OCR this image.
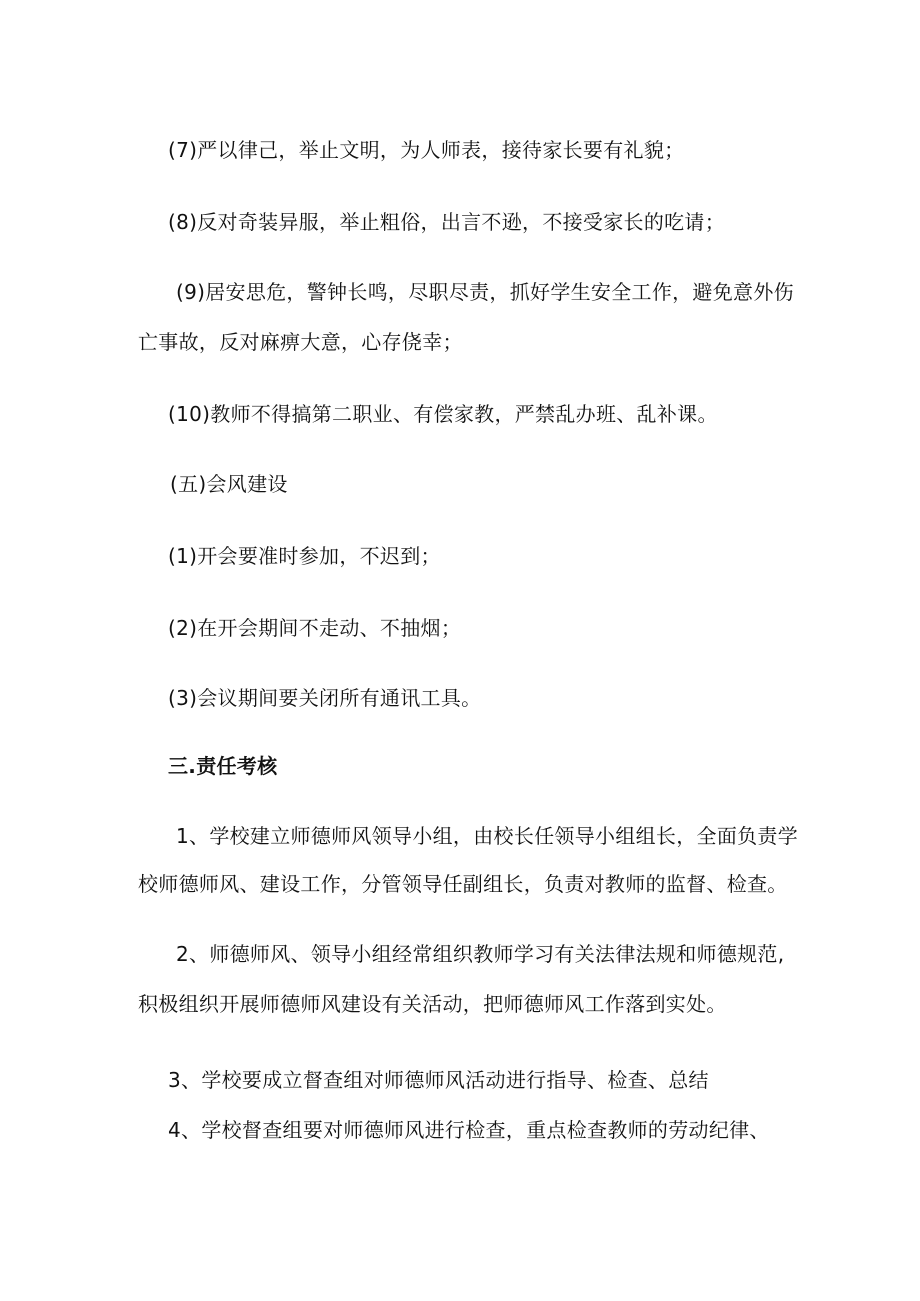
(7)严以律己，举止文明，为人师表，接待家长要有礼貌；
(8)反对奇装异服，举止粗俗，出言不逊，不接受家长的吃请；
(9)居安思危，警钟长鸣，尽职尽责，抓好学生安全工作，避免意外伤
亡事故，反对麻痹大意，心存侥幸；
(10)教师不得搞第二职业、有偿家教，严禁乱办班、乱补课。
(五)会风建设
(1)开会要准时参加，不迟到；
(2)在开会期间不走动、不抽烟；
(3)会议期间要关闭所有通讯工具。
三.责任考核
1、学校建立师德师风领导小组，由校长任领导小组组长，全面负责学
校师德师风、建设工作，分管领导任副组长，负责对教师的监督、检查。
2、师德师风、领导小组经常组织教师学习有关法律法规和师德规范,
积极组织开展师德师风建设有关活动，把师德师风工作落到实处。
3、学校要成立督查组对师德师风活动进行指导、检查、总结
4、学校督查组要对师德师风进行检查，重点检查教师的劳动纪律、
